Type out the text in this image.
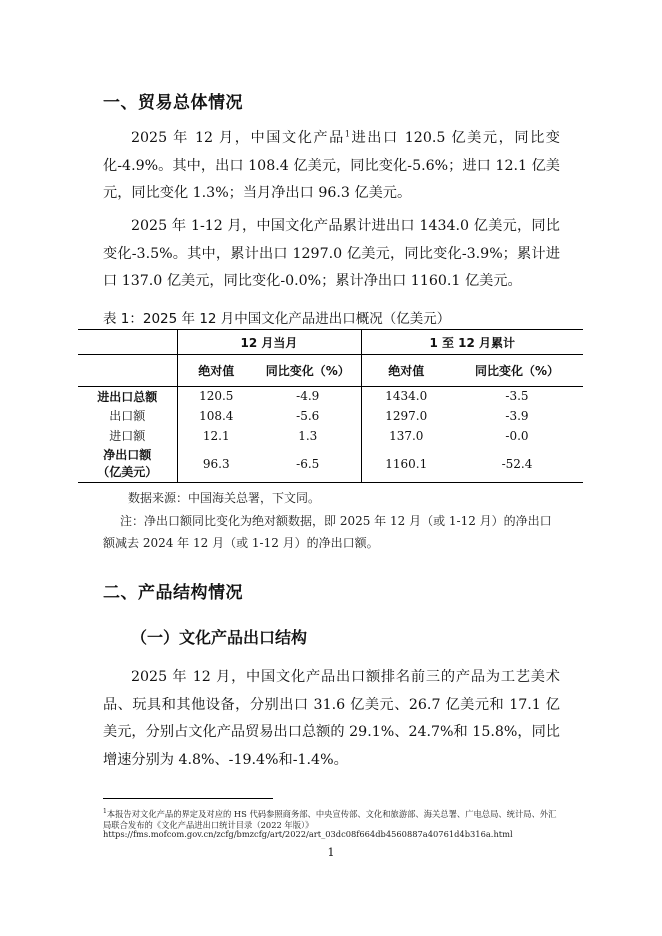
一、贸易总体情况

2025 年 12 月，中国文化产品$^1$进出口 120.5 亿美元，同比变化-4.9%。其中，出口 108.4 亿美元，同比变化-5.6%；进口 12.1 亿美元，同比变化 1.3%；当月净出口 96.3 亿美元。

2025 年 1-12 月，中国文化产品累计进出口 1434.0 亿美元，同比变化-3.5%。其中，累计出口 1297.0 亿美元，同比变化-3.9%；累计进口 137.0 亿美元，同比变化-0.0%；累计净出口 1160.1 亿美元。

表 1：2025 年 12 月中国文化产品进出口概况（亿美元）
	12 月当月		1 至 12 月累计	
	绝对值	同比变化（%）	绝对值	同比变化（%）
进出口总额	120.5	-4.9	1434.0	-3.5
出口额	108.4	-5.6	1297.0	-3.9
进口额	12.1	1.3	137.0	-0.0

净出口额
（亿美元）	96.3	-6.5	1160.1	-52.4

数据来源：中国海关总署，下文同。

注：净出口额同比变化为绝对额数据，即 2025 年 12 月（或 1-12 月）的净出口额减去 2024 年 12 月（或 1-12 月）的净出口额。

二、产品结构情况
（一）文化产品出口结构

2025 年 12 月，中国文化产品出口额排名前三的产品为工艺美术品、玩具和其他设备，分别出口 31.6 亿美元、26.7 亿美元和 17.1 亿美元，分别占文化产品贸易出口总额的 29.1%、24.7%和 15.8%，同比增速分别为 4.8%、-19.4%和-1.4%。

$^1$本报告对文化产品的界定及对应的 HS 代码参照商务部、中央宣传部、文化和旅游部、海关总署、广电总局、统计局、外汇局联合发布的《文化产品进出口统计目录（2022 年版）》

https://fms.mofcom.gov.cn/zcfg/bmzcfg/art/2022/art_03dc08f664db4560887a40761d4b316a.html

1
